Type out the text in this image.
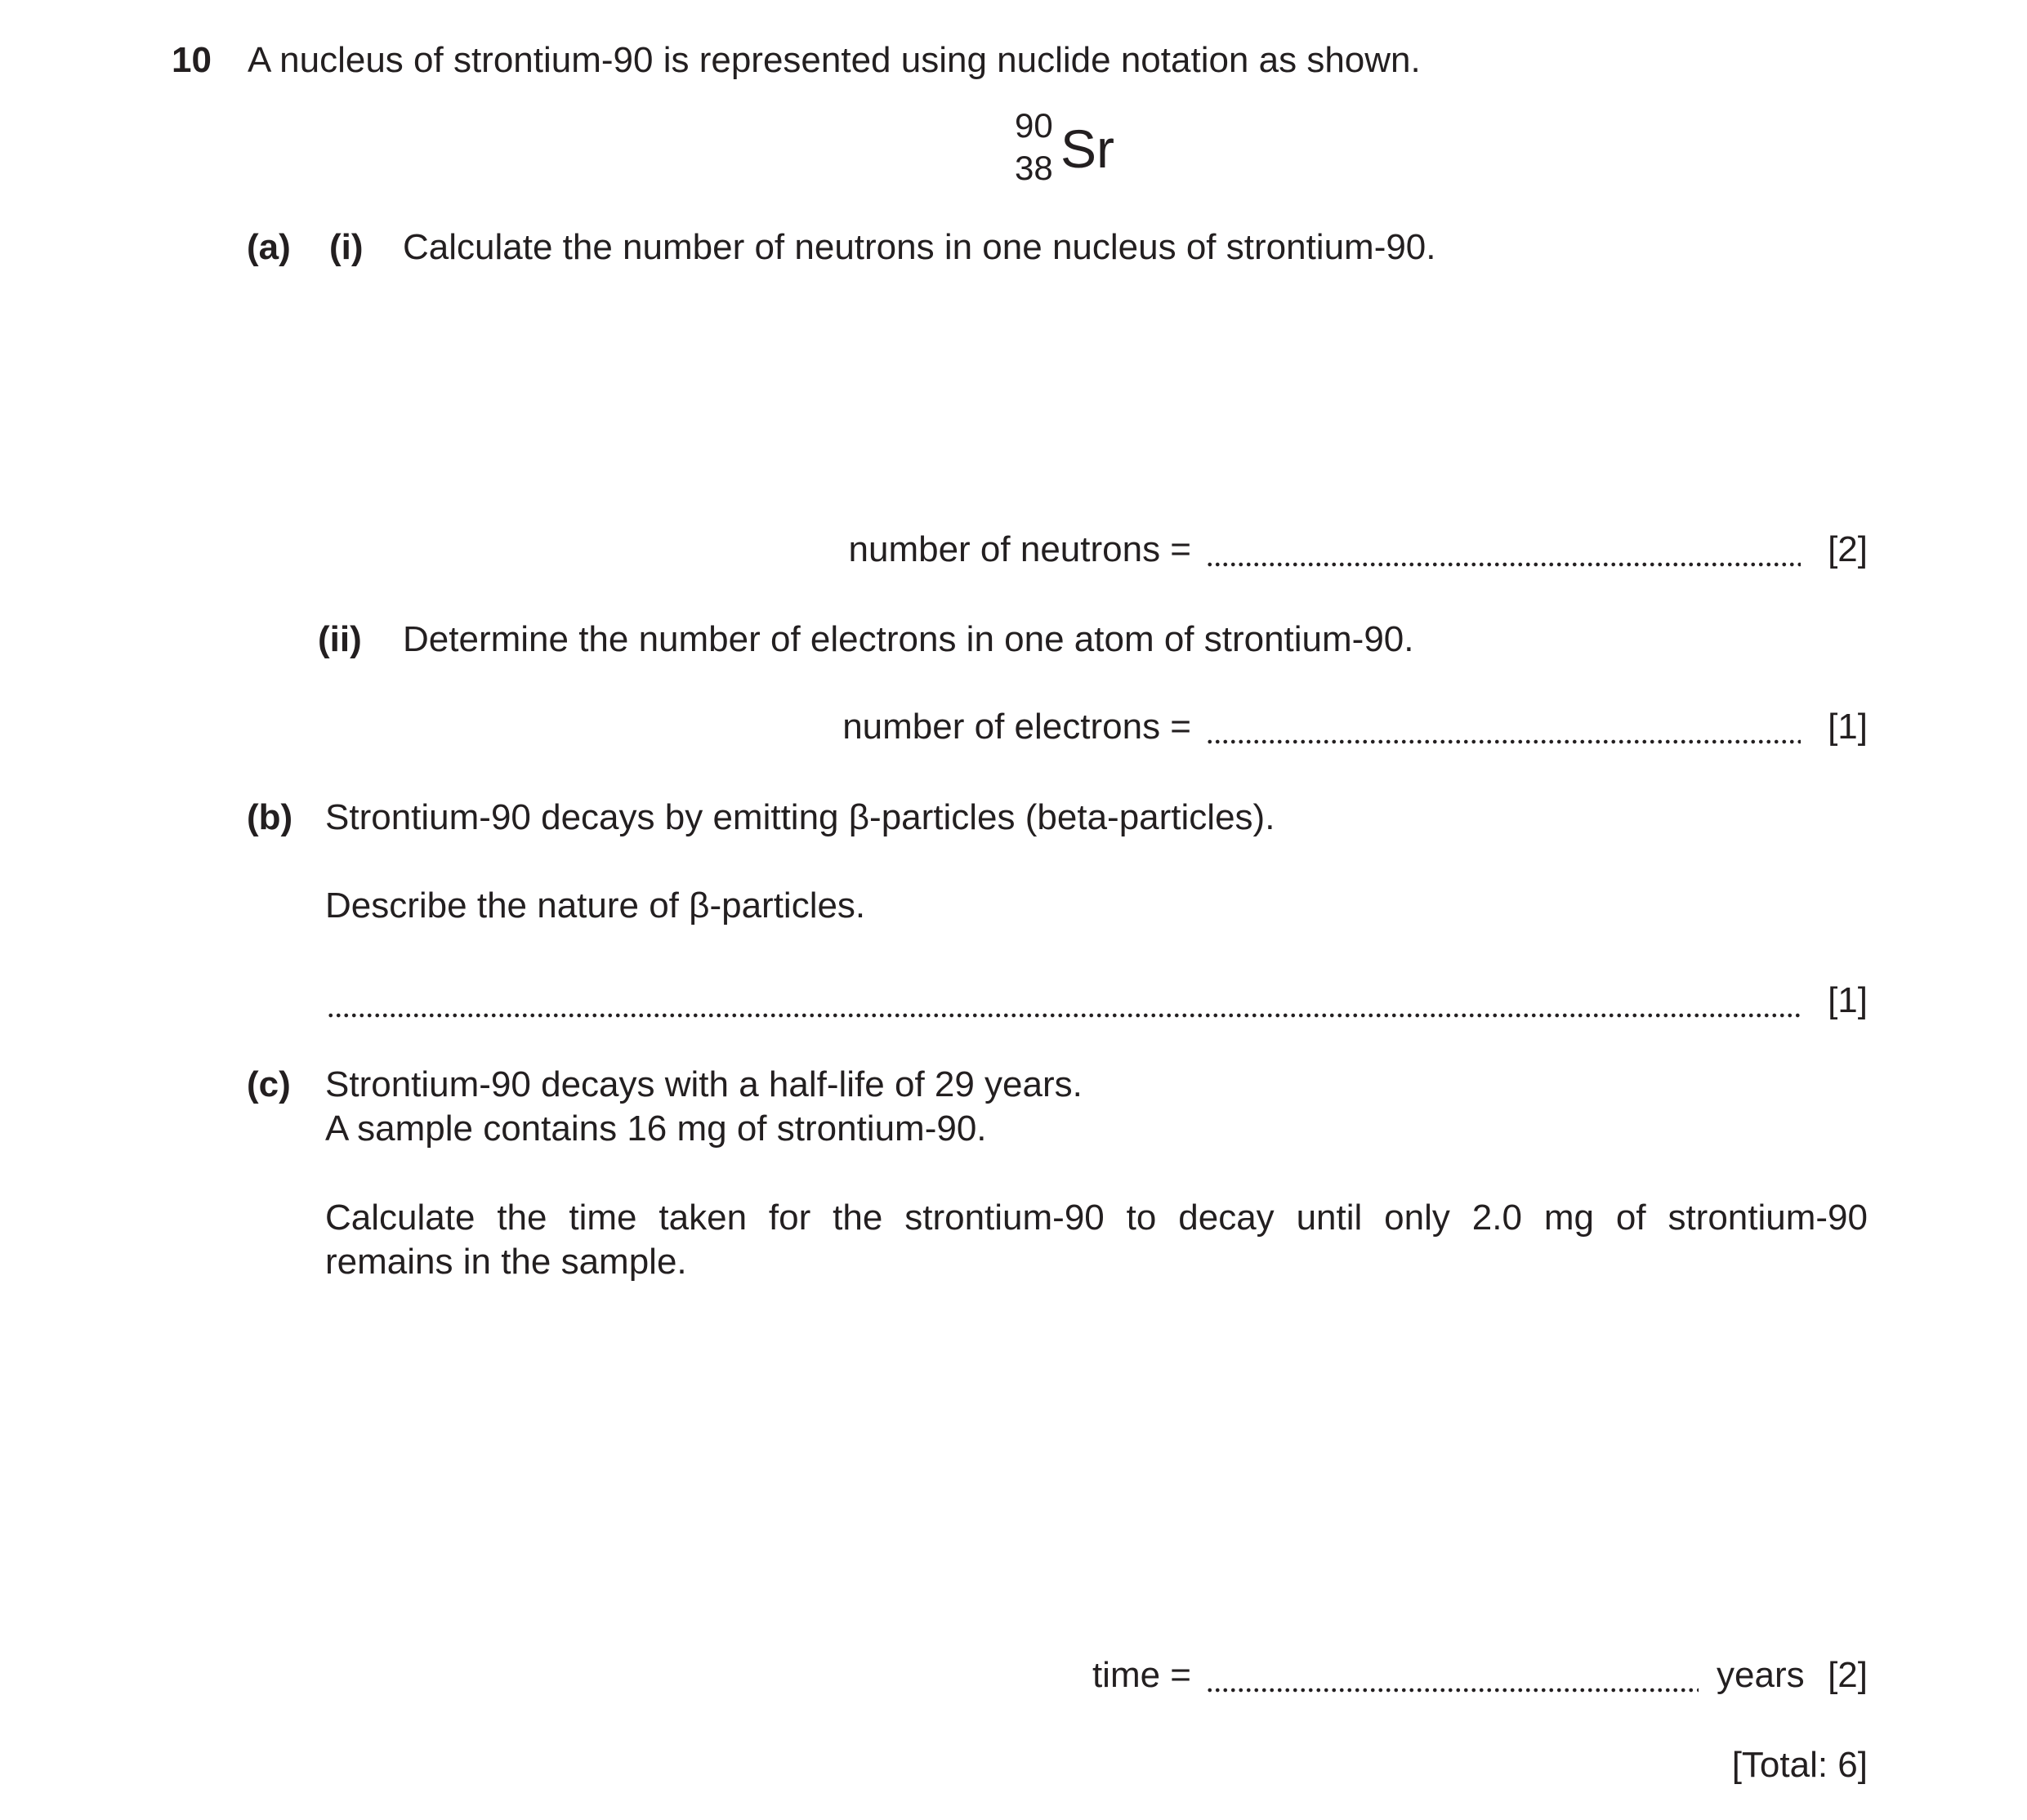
10 A nucleus of strontium-90 is represented using nuclide notation as shown.
90
38 Sr
(a) (i) Calculate the number of neutrons in one nucleus of strontium-90.
number of neutrons =	[2]
(ii) Determine the number of electrons in one atom of strontium-90.
number of electrons =	[1]
(b) Strontium-90 decays by emitting β-particles (beta-particles).
Describe the nature of β-particles.
[1]
(c) Strontium-90 decays with a half-life of 29 years.
A sample contains 16 mg of strontium-90.
Calculate the time taken for the strontium-90 to decay until only 2.0 mg of strontium-90
remains in the sample.
time =	years [2]
[Total: 6]
